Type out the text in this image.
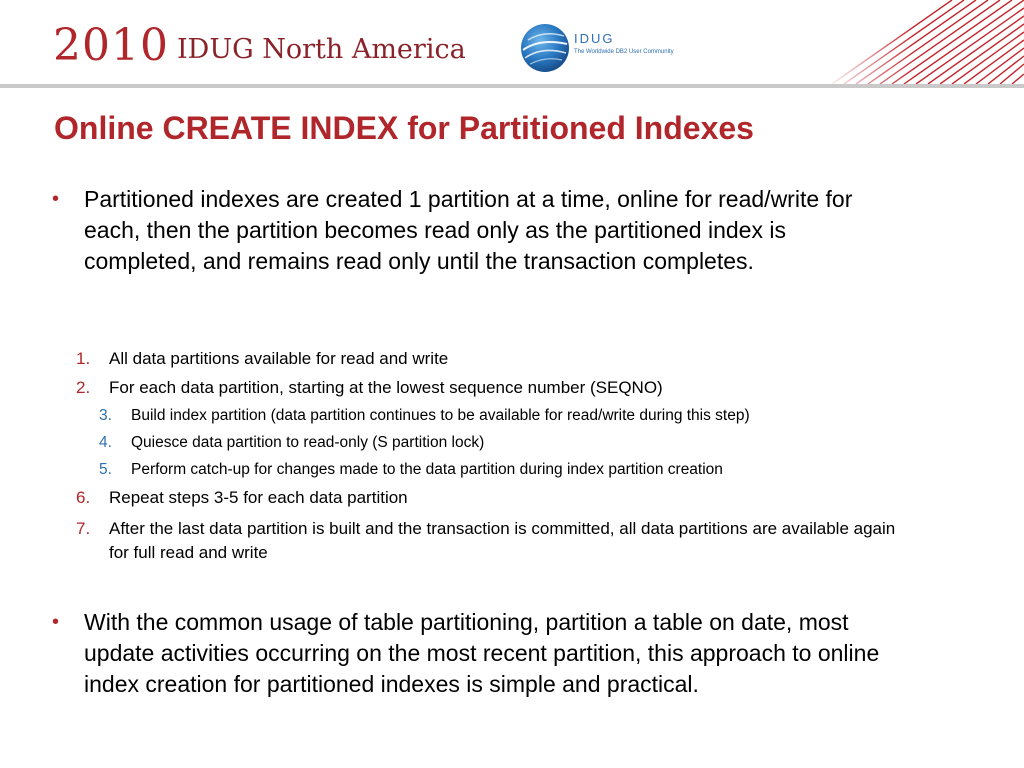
2010 IDUG North America	IDUG
The Worldwide DB2 User Community
Online CREATE INDEX for Partitioned Indexes
• Partitioned indexes are created 1 partition at a time, online for read/write for each, then the partition becomes read only as the partitioned index is completed, and remains read only until the transaction completes.
1. All data partitions available for read and write
2. For each data partition, starting at the lowest sequence number (SEQNO)
3. Build index partition (data partition continues to be available for read/write during this step)
4. Quiesce data partition to read-only (S partition lock)
5. Perform catch-up for changes made to the data partition during index partition creation
6. Repeat steps 3-5 for each data partition
7. After the last data partition is built and the transaction is committed, all data partitions are available again for full read and write
• With the common usage of table partitioning, partition a table on date, most update activities occurring on the most recent partition, this approach to online index creation for partitioned indexes is simple and practical.
